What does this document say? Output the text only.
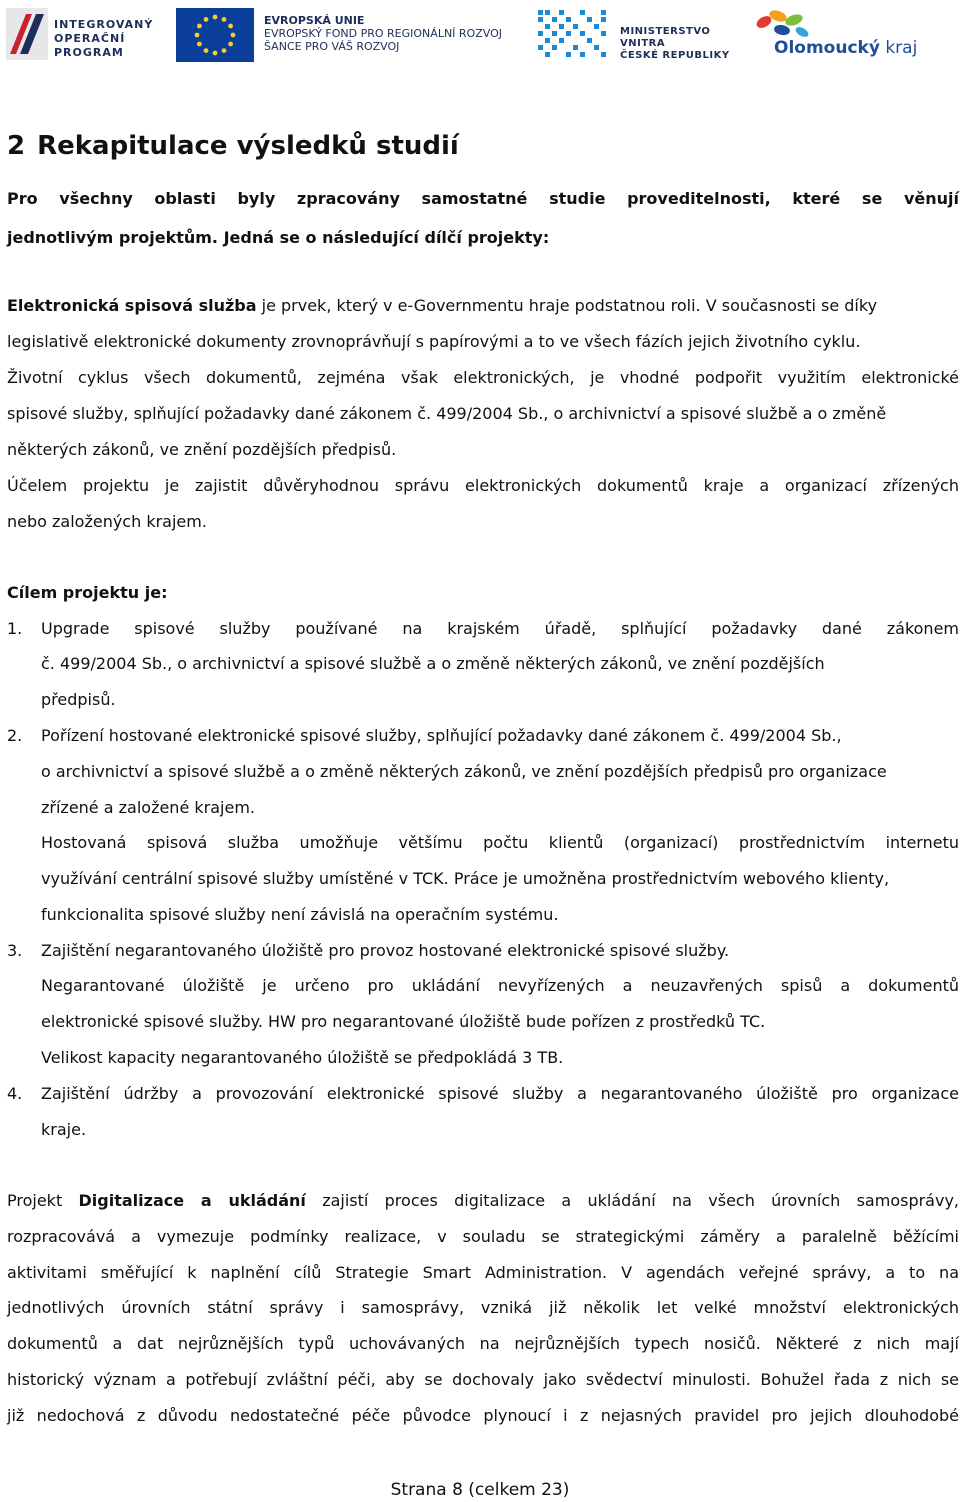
INTEGROVANÝ
OPERAČNÍ
PROGRAM
EVROPSKÁ UNIE
EVROPSKÝ FOND PRO REGIONÁLNÍ ROZVOJ
ŠANCE PRO VÁŠ ROZVOJ
MINISTERSTVO VNITRA
ČESKÉ REPUBLIKY	Olomoucký kraj
2 Rekapitulace výsledků studií
Pro všechny oblasti byly zpracovány samostatné studie proveditelnosti, které se věnují
jednotlivým projektům. Jedná se o následující dílčí projekty:
Elektronická spisová služba je prvek, který v e-Governmentu hraje podstatnou roli. V současnosti se díky
legislativě elektronické dokumenty zrovnoprávňují s papírovými a to ve všech fázích jejich životního cyklu.
Životní cyklus všech dokumentů, zejména však elektronických, je vhodné podpořit využitím elektronické
spisové služby, splňující požadavky dané zákonem č. 499/2004 Sb., o archivnictví a spisové službě a o změně
některých zákonů, ve znění pozdějších předpisů.
Účelem projektu je zajistit důvěryhodnou správu elektronických dokumentů kraje a organizací zřízených
nebo založených krajem.
Cílem projektu je:
1.	Upgrade spisové služby používané na krajském úřadě, splňující požadavky dané zákonem
č. 499/2004 Sb., o archivnictví a spisové službě a o změně některých zákonů, ve znění pozdějších
předpisů.
2.	Pořízení hostované elektronické spisové služby, splňující požadavky dané zákonem č. 499/2004 Sb.,
o archivnictví a spisové službě a o změně některých zákonů, ve znění pozdějších předpisů pro organizace
zřízené a založené krajem.
Hostovaná spisová služba umožňuje většímu počtu klientů (organizací) prostřednictvím internetu
využívání centrální spisové služby umístěné v TCK. Práce je umožněna prostřednictvím webového klienty,
funkcionalita spisové služby není závislá na operačním systému.
3.	Zajištění negarantovaného úložiště pro provoz hostované elektronické spisové služby.
Negarantované úložiště je určeno pro ukládání nevyřízených a neuzavřených spisů a dokumentů
elektronické spisové služby. HW pro negarantované úložiště bude pořízen z prostředků TC.
Velikost kapacity negarantovaného úložiště se předpokládá 3 TB.
4.	Zajištění údržby a provozování elektronické spisové služby a negarantovaného úložiště pro organizace
kraje.
Projekt Digitalizace a ukládání zajistí proces digitalizace a ukládání na všech úrovních samosprávy,
rozpracovává a vymezuje podmínky realizace, v souladu se strategickými záměry a paralelně běžícími
aktivitami směřující k naplnění cílů Strategie Smart Administration. V agendách veřejné správy, a to na
jednotlivých úrovních státní správy i samosprávy, vzniká již několik let velké množství elektronických
dokumentů a dat nejrůznějších typů uchovávaných na nejrůznějších typech nosičů. Některé z nich mají
historický význam a potřebují zvláštní péči, aby se dochovaly jako svědectví minulosti. Bohužel řada z nich se
již nedochová z důvodu nedostatečné péče původce plynoucí i z nejasných pravidel pro jejich dlouhodobé
Strana 8 (celkem 23)
